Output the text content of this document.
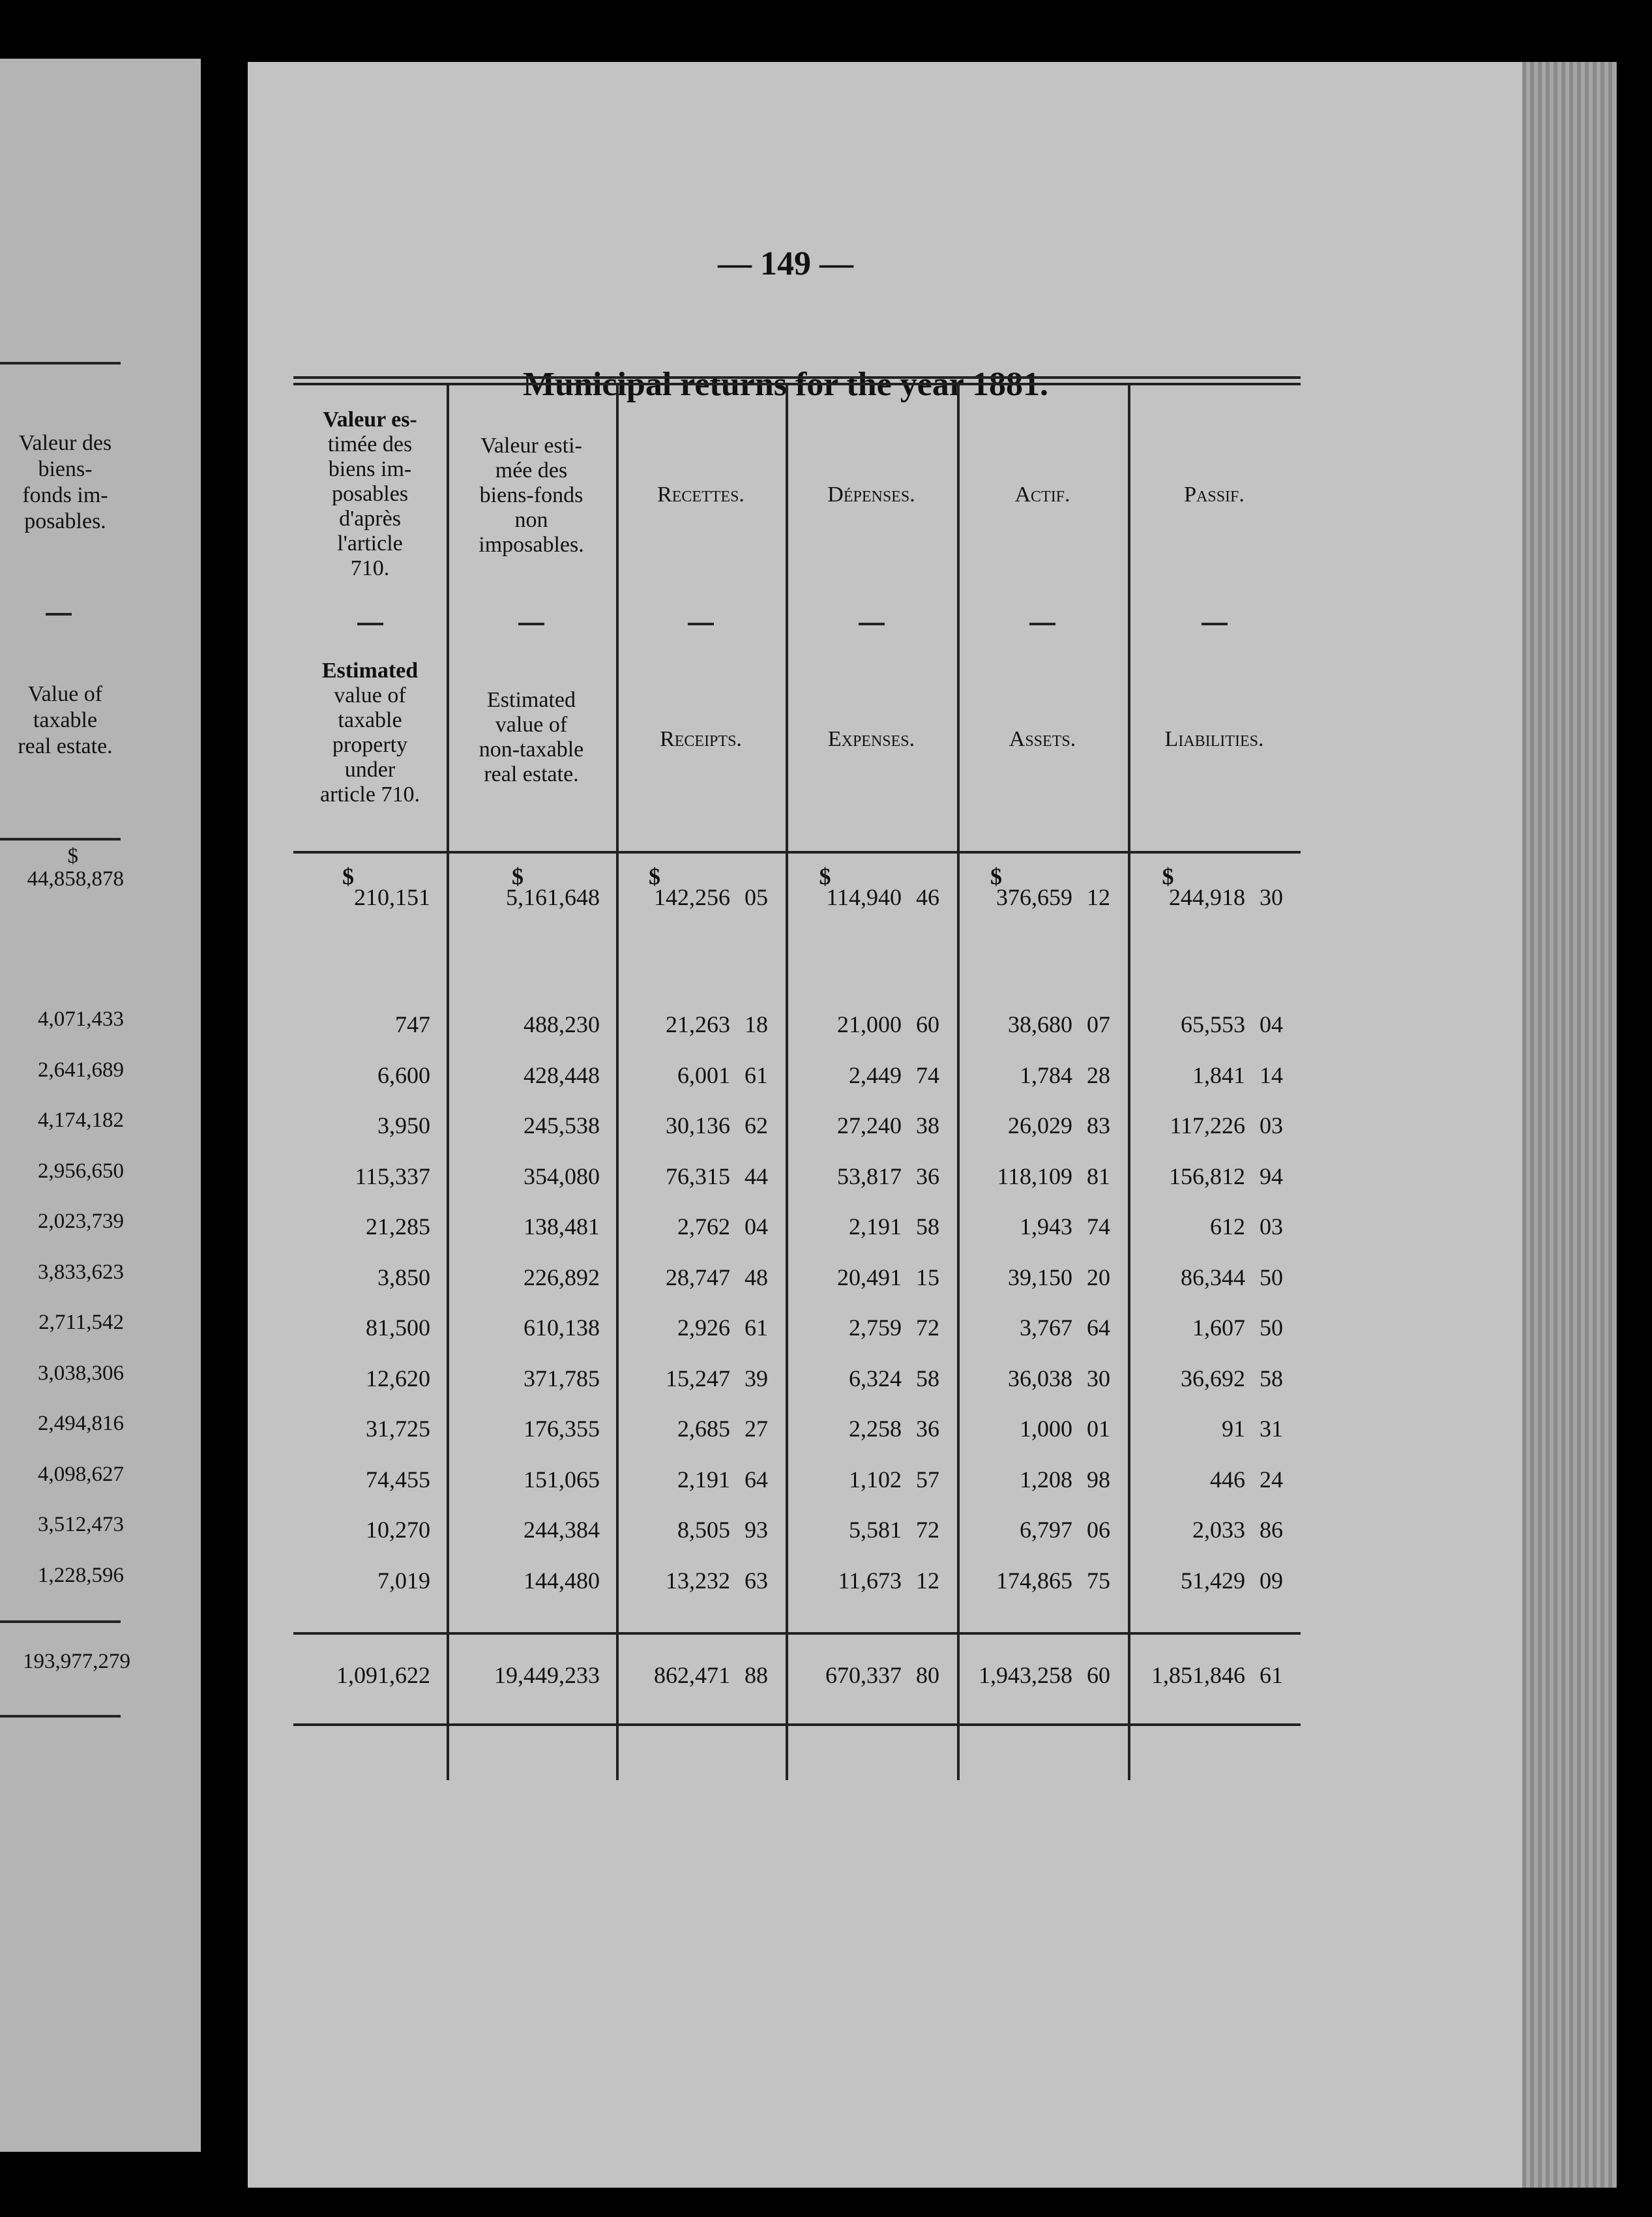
Valeur des
biens-
fonds im-
posables.
Value of
taxable
real estate.
$
44,858,878
4,071,433
2,641,689
4,174,182
2,956,650
2,023,739
3,833,623
2,711,542
3,038,306
2,494,816
4,098,627
3,512,473
1,228,596
193,977,279
— 149 —
Municipal returns for the year 1881.
Valeur es-
timée des
biens im-
posables
d'après
l'article
710.
Estimated
value of
taxable
property
under
article 710.
$
Valeur esti-
mée des
biens-fonds
non
imposables.
Estimated
value of
non-taxable
real estate.
$
Recettes.
Receipts.
$
Dépenses.
Expenses.
$
Actif.
Assets.
$
Passif.
Liabilities.
$
210,151	5,161,648	142,256 05	114,940 46	376,659 12	244,918 30
747	488,230	21,263 18	21,000 60	38,680 07	65,553 04
6,600	428,448	6,001 61	2,449 74	1,784 28	1,841 14
3,950	245,538	30,136 62	27,240 38	26,029 83	117,226 03
115,337	354,080	76,315 44	53,817 36	118,109 81	156,812 94
21,285	138,481	2,762 04	2,191 58	1,943 74	612 03
3,850	226,892	28,747 48	20,491 15	39,150 20	86,344 50
81,500	610,138	2,926 61	2,759 72	3,767 64	1,607 50
12,620	371,785	15,247 39	6,324 58	36,038 30	36,692 58
31,725	176,355	2,685 27	2,258 36	1,000 01	91 31
74,455	151,065	2,191 64	1,102 57	1,208 98	446 24
10,270	244,384	8,505 93	5,581 72	6,797 06	2,033 86
7,019	144,480	13,232 63	11,673 12	174,865 75	51,429 09
1,091,622	19,449,233	862,471 88	670,337 80	1,943,258 60	1,851,846 61
